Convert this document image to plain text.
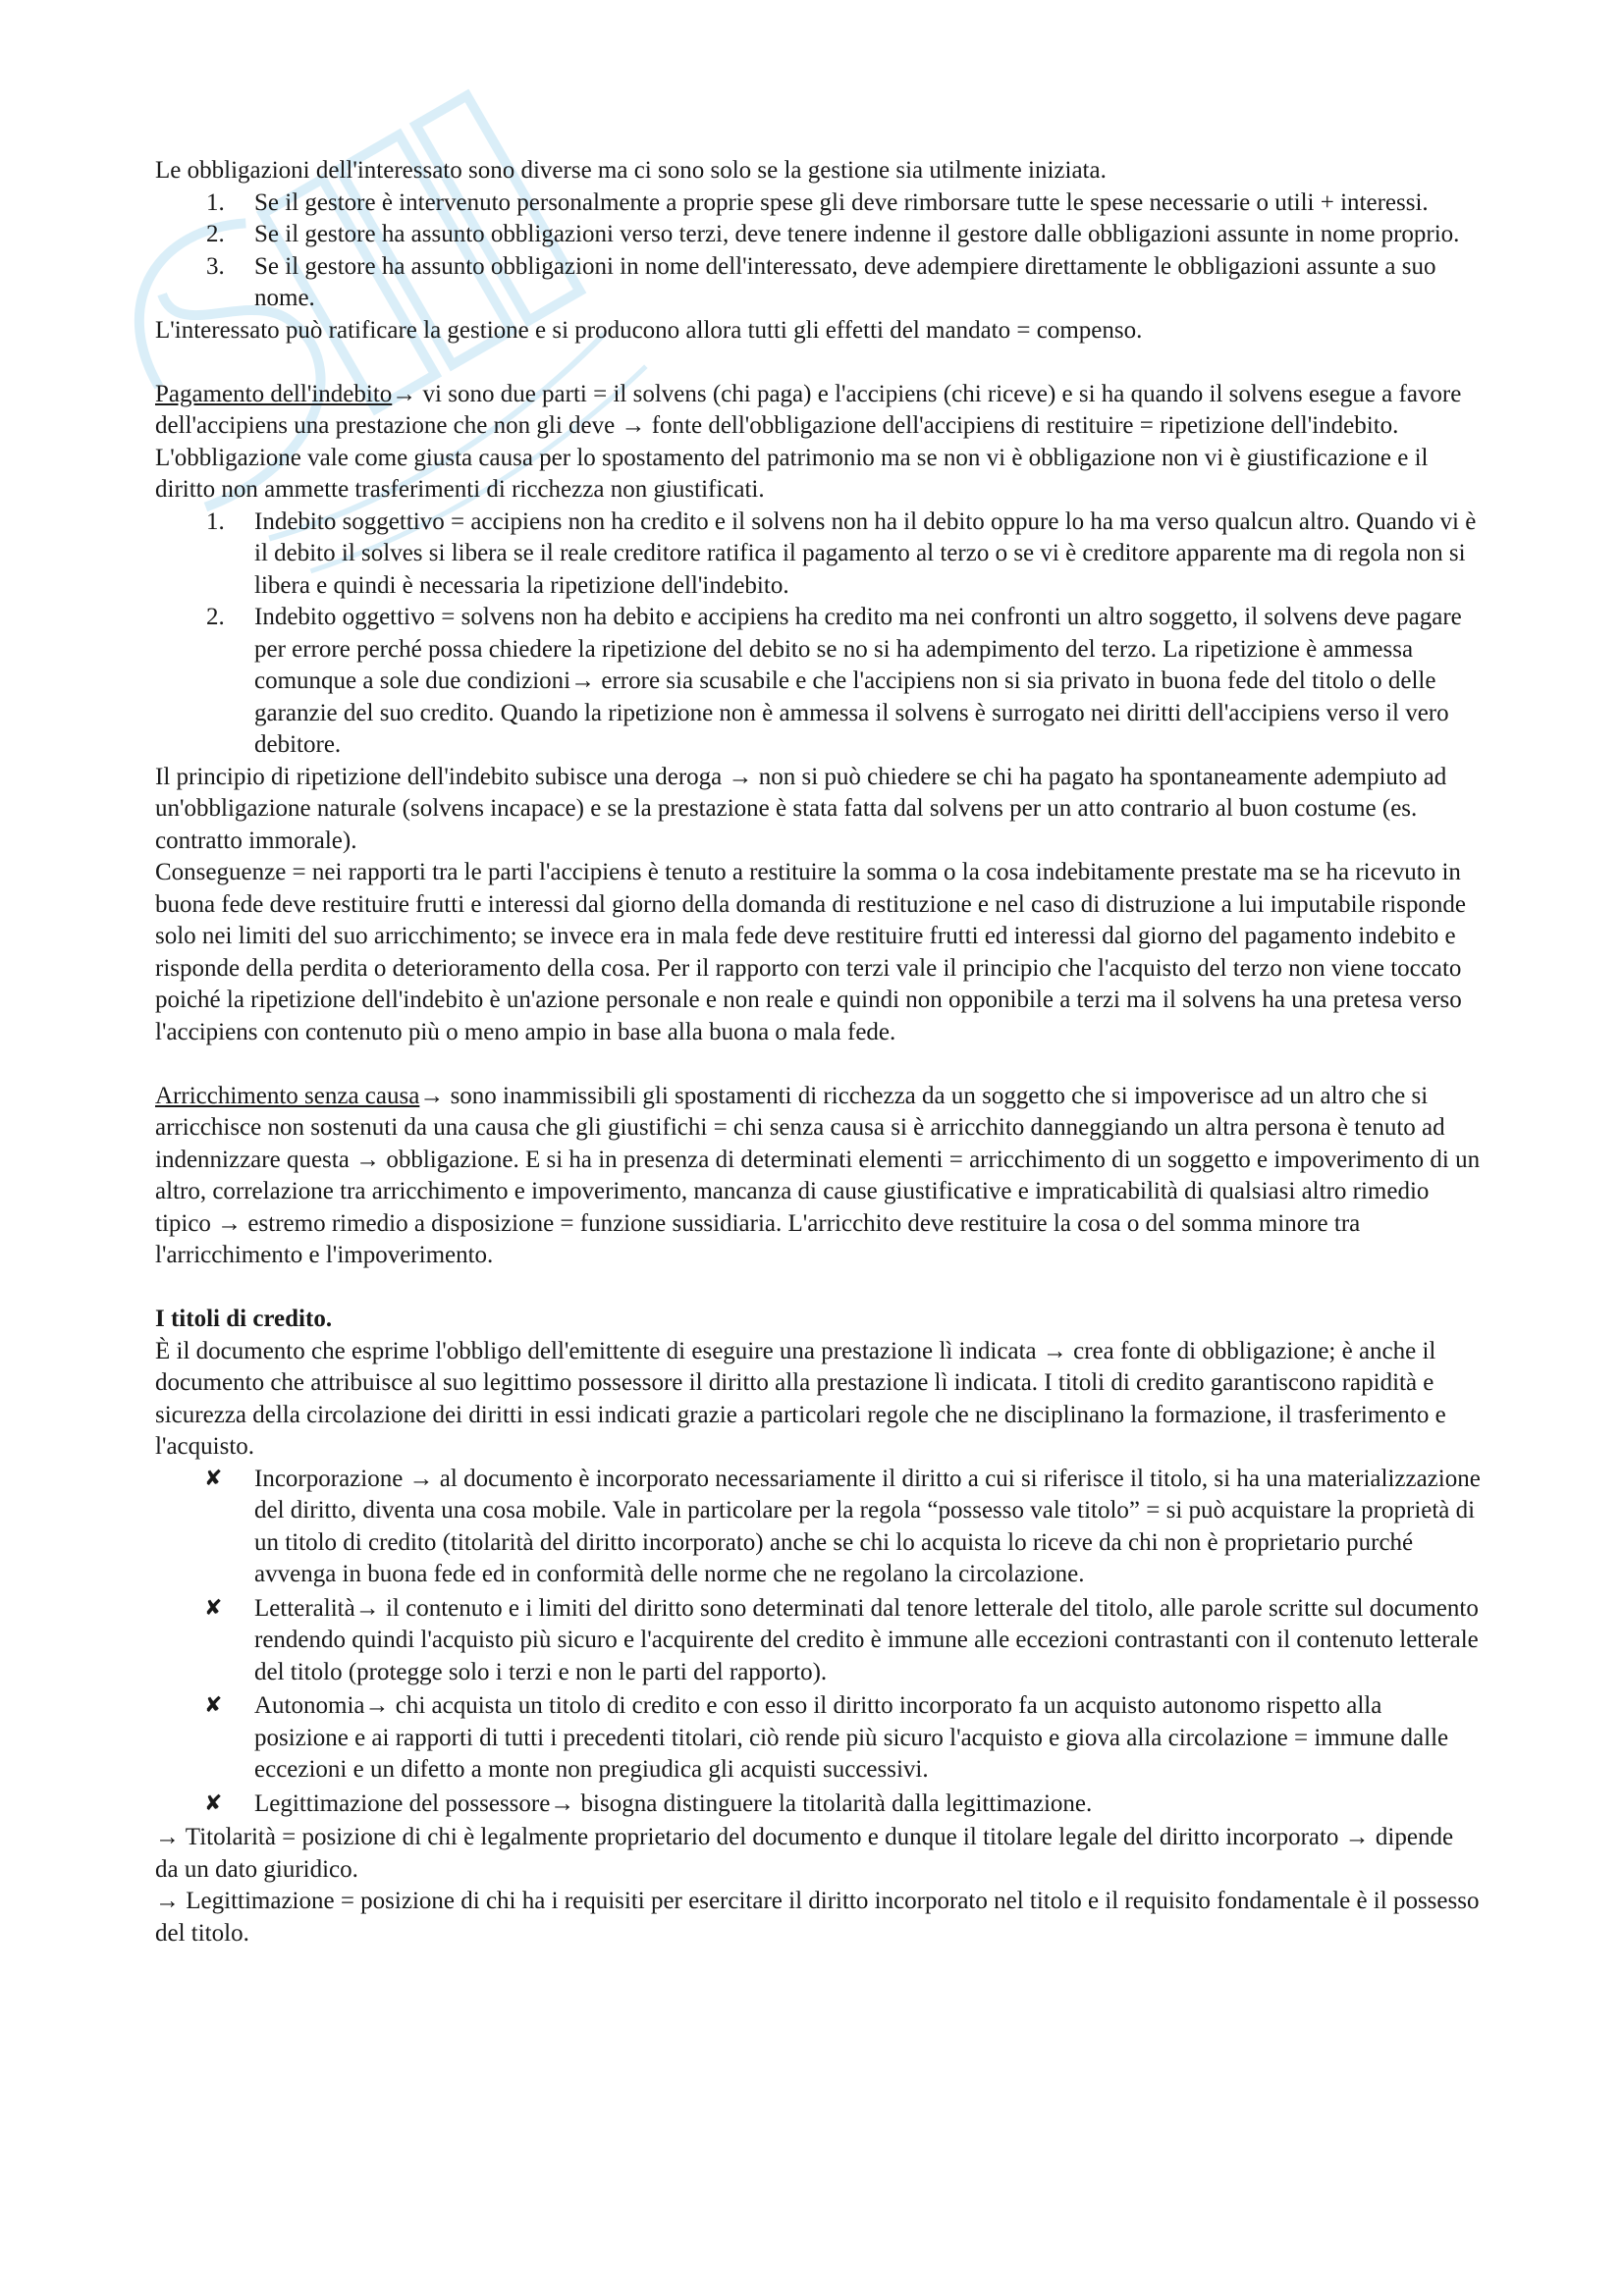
Le obbligazioni dell'interessato sono diverse ma ci sono solo se la gestione sia utilmente iniziata.

1.	Se il gestore è intervenuto personalmente a proprie spese gli deve rimborsare tutte le spese necessarie o utili + interessi.
2.	Se il gestore ha assunto obbligazioni verso terzi, deve tenere indenne il gestore dalle obbligazioni assunte in nome proprio.
3.	Se il gestore ha assunto obbligazioni in nome dell'interessato, deve adempiere direttamente le obbligazioni assunte a suo nome.

L'interessato può ratificare la gestione e si producono allora tutti gli effetti del mandato = compenso.

Pagamento dell'indebito→ vi sono due parti = il solvens (chi paga) e l'accipiens (chi riceve) e si ha quando il solvens esegue a favore dell'accipiens una prestazione che non gli deve → fonte dell'obbligazione dell'accipiens di restituire = ripetizione dell'indebito. L'obbligazione vale come giusta causa per lo spostamento del patrimonio ma se non vi è obbligazione non vi è giustificazione e il diritto non ammette trasferimenti di ricchezza non giustificati.

1.	Indebito soggettivo = accipiens non ha credito e il solvens non ha il debito oppure lo ha ma verso qualcun altro. Quando vi è il debito il solves si libera se il reale creditore ratifica il pagamento al terzo o se vi è creditore apparente ma di regola non si libera e quindi è necessaria la ripetizione dell'indebito.
2.	Indebito oggettivo = solvens non ha debito e accipiens ha credito ma nei confronti un altro soggetto, il solvens deve pagare per errore perché possa chiedere la ripetizione del debito se no si ha adempimento del terzo. La ripetizione è ammessa comunque a sole due condizioni→ errore sia scusabile e che l'accipiens non si sia privato in buona fede del titolo o delle garanzie del suo credito. Quando la ripetizione non è ammessa il solvens è surrogato nei diritti dell'accipiens verso il vero debitore.

Il principio di ripetizione dell'indebito subisce una deroga → non si può chiedere se chi ha pagato ha spontaneamente adempiuto ad un'obbligazione naturale (solvens incapace) e se la prestazione è stata fatta dal solvens per un atto contrario al buon costume (es. contratto immorale).

Conseguenze = nei rapporti tra le parti l'accipiens è tenuto a restituire la somma o la cosa indebitamente prestate ma se ha ricevuto in buona fede deve restituire frutti e interessi dal giorno della domanda di restituzione e nel caso di distruzione a lui imputabile risponde solo nei limiti del suo arricchimento; se invece era in mala fede deve restituire frutti ed interessi dal giorno del pagamento indebito e risponde della perdita o deterioramento della cosa. Per il rapporto con terzi vale il principio che l'acquisto del terzo non viene toccato poiché la ripetizione dell'indebito è un'azione personale e non reale e quindi non opponibile a terzi ma il solvens ha una pretesa verso l'accipiens con contenuto più o meno ampio in base alla buona o mala fede.

Arricchimento senza causa→ sono inammissibili gli spostamenti di ricchezza da un soggetto che si impoverisce ad un altro che si arricchisce non sostenuti da una causa che gli giustifichi = chi senza causa si è arricchito danneggiando un altra persona è tenuto ad indennizzare questa → obbligazione. E si ha in presenza di determinati elementi = arricchimento di un soggetto e impoverimento di un altro, correlazione tra arricchimento e impoverimento, mancanza di cause giustificative e impraticabilità di qualsiasi altro rimedio tipico → estremo rimedio a disposizione = funzione sussidiaria. L'arricchito deve restituire la cosa o del somma minore tra l'arricchimento e l'impoverimento.

I titoli di credito.

È il documento che esprime l'obbligo dell'emittente di eseguire una prestazione lì indicata → crea fonte di obbligazione; è anche il documento che attribuisce al suo legittimo possessore il diritto alla prestazione lì indicata. I titoli di credito garantiscono rapidità e sicurezza della circolazione dei diritti in essi indicati grazie a particolari regole che ne disciplinano la formazione, il trasferimento e l'acquisto.

✘	Incorporazione → al documento è incorporato necessariamente il diritto a cui si riferisce il titolo, si ha una materializzazione del diritto, diventa una cosa mobile. Vale in particolare per la regola “possesso vale titolo” = si può acquistare la proprietà di un titolo di credito (titolarità del diritto incorporato) anche se chi lo acquista lo riceve da chi non è proprietario purché avvenga in buona fede ed in conformità delle norme che ne regolano la circolazione.
✘	Letteralità→ il contenuto e i limiti del diritto sono determinati dal tenore letterale del titolo, alle parole scritte sul documento rendendo quindi l'acquisto più sicuro e l'acquirente del credito è immune alle eccezioni contrastanti con il contenuto letterale del titolo (protegge solo i terzi e non le parti del rapporto).
✘	Autonomia→ chi acquista un titolo di credito e con esso il diritto incorporato fa un acquisto autonomo rispetto alla posizione e ai rapporti di tutti i precedenti titolari, ciò rende più sicuro l'acquisto e giova alla circolazione = immune dalle eccezioni e un difetto a monte non pregiudica gli acquisti successivi.
✘	Legittimazione del possessore→ bisogna distinguere la titolarità dalla legittimazione.

→ Titolarità = posizione di chi è legalmente proprietario del documento e dunque il titolare legale del diritto incorporato → dipende da un dato giuridico.

→ Legittimazione = posizione di chi ha i requisiti per esercitare il diritto incorporato nel titolo e il requisito fondamentale è il possesso del titolo.
